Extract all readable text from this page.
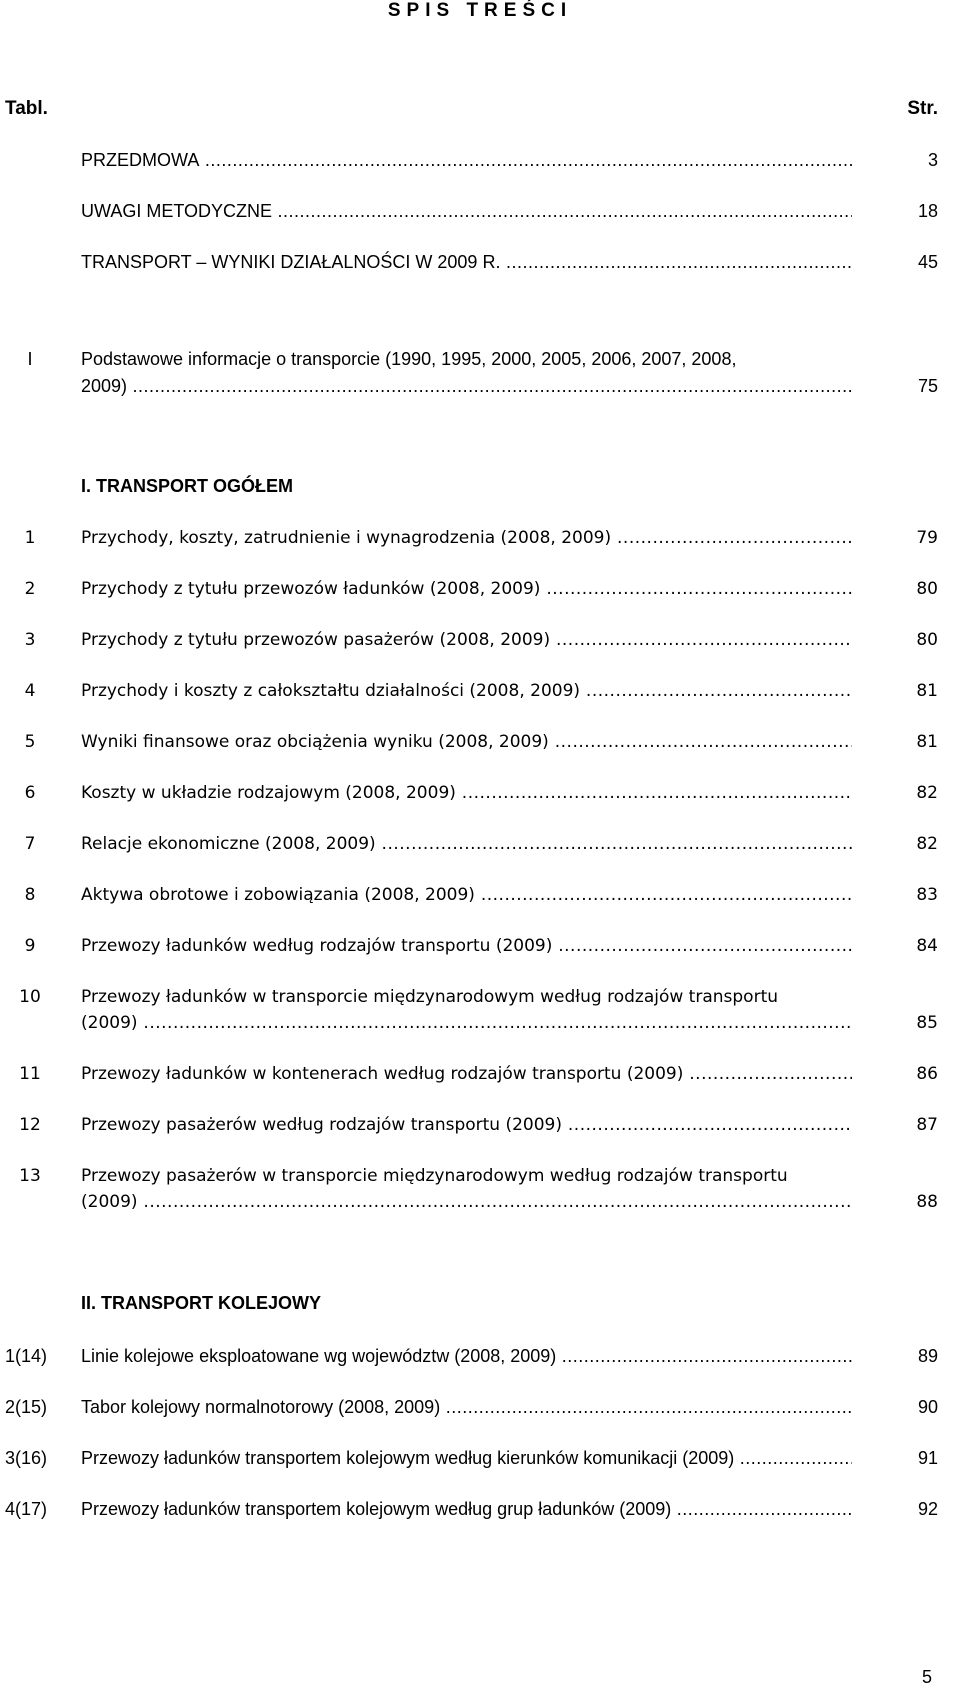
SPIS TREŚCI
Tabl.	Str.
PRZEDMOWA .....	3
UWAGI METODYCZNE .....	18
TRANSPORT – WYNIKI DZIAŁALNOŚCI W 2009 R. .....	45
I	Podstawowe informacje o transporcie (1990, 1995, 2000, 2005, 2006, 2007, 2008,
2009) .....	75
I. TRANSPORT OGÓŁEM
1	Przychody, koszty, zatrudnienie i wynagrodzenia (2008, 2009) .....	79
2	Przychody z tytułu przewozów ładunków (2008, 2009) .....	80
3	Przychody z tytułu przewozów pasażerów (2008, 2009) .....	80
4	Przychody i koszty z całokształtu działalności (2008, 2009) .....	81
5	Wyniki finansowe oraz obciążenia wyniku (2008, 2009) .....	81
6	Koszty w układzie rodzajowym (2008, 2009) .....	82
7	Relacje ekonomiczne (2008, 2009) .....	82
8	Aktywa obrotowe i zobowiązania (2008, 2009) .....	83
9	Przewozy ładunków według rodzajów transportu (2009) .....	84
10	Przewozy ładunków w transporcie międzynarodowym według rodzajów transportu
(2009) .....	85
11	Przewozy ładunków w kontenerach według rodzajów transportu (2009) .....	86
12	Przewozy pasażerów według rodzajów transportu (2009) .....	87
13	Przewozy pasażerów w transporcie międzynarodowym według rodzajów transportu
(2009) .....	88
II. TRANSPORT KOLEJOWY
1(14)	Linie kolejowe eksploatowane wg województw (2008, 2009) .....	89
2(15)	Tabor kolejowy normalnotorowy (2008, 2009) .....	90
3(16)	Przewozy ładunków transportem kolejowym według kierunków komunikacji (2009) .....	91
4(17)	Przewozy ładunków transportem kolejowym według grup ładunków (2009) .....	92
5
